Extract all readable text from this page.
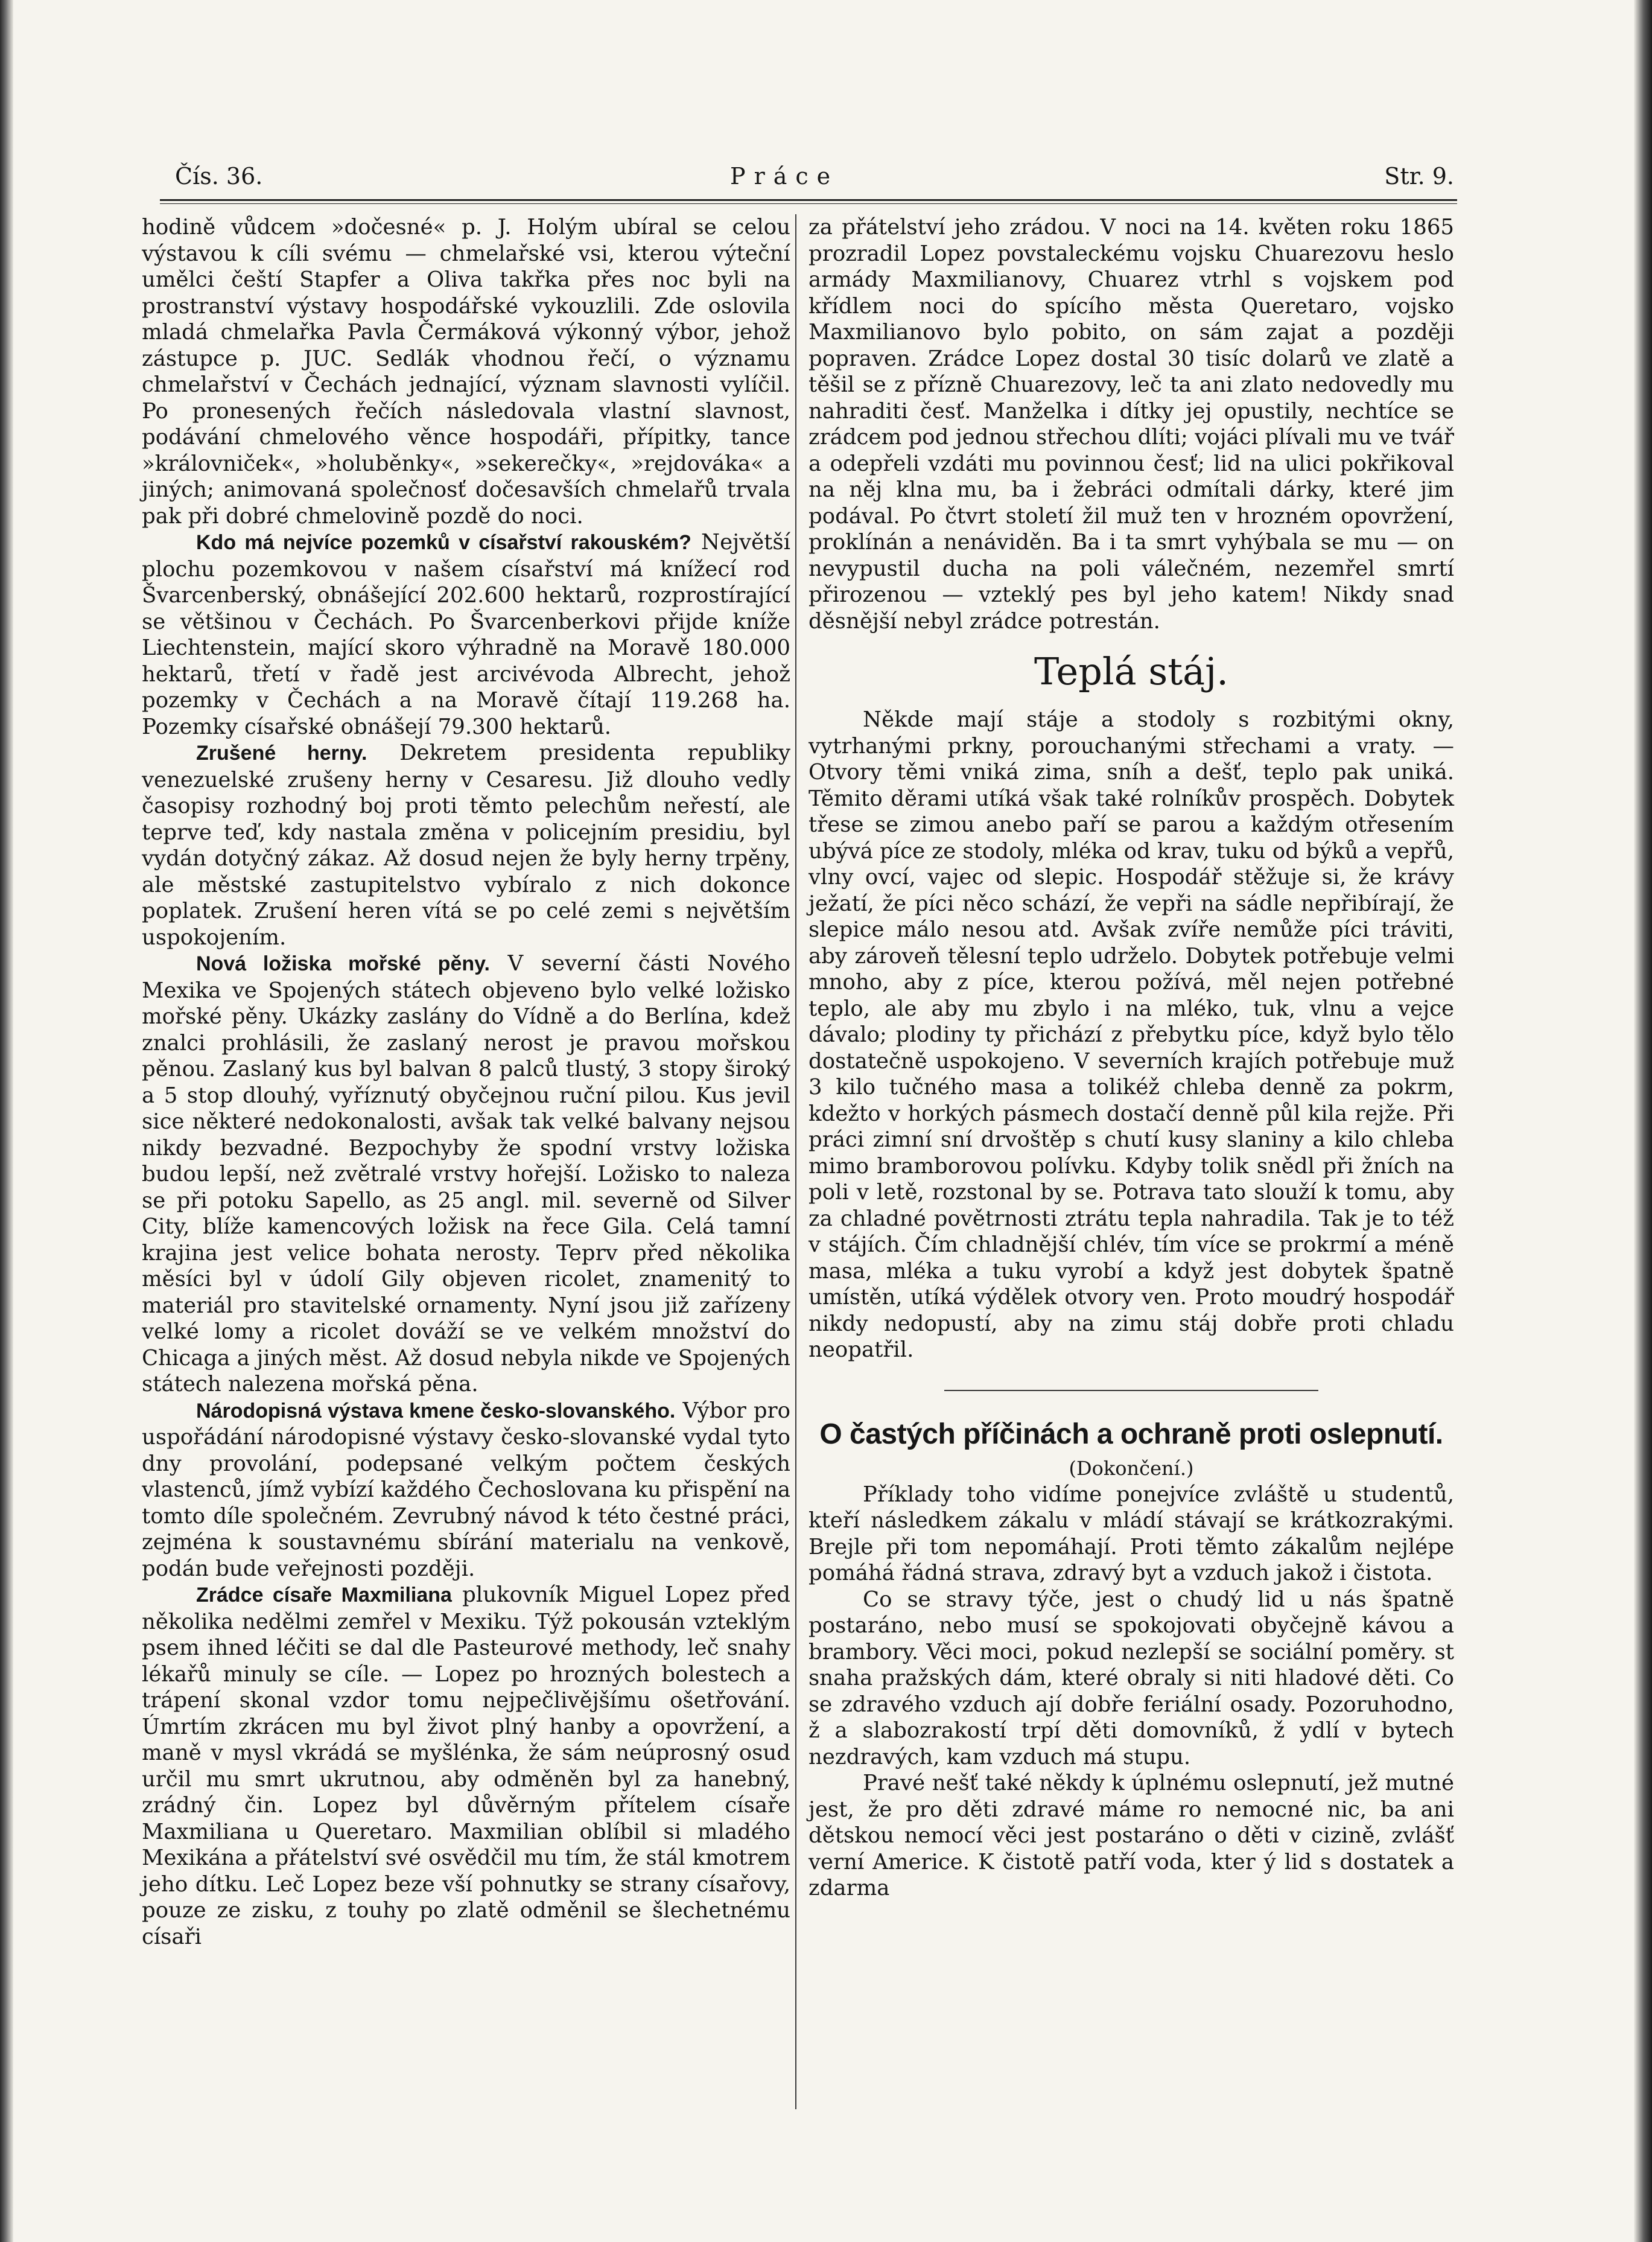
Čís. 36.	Práce	Str. 9.

hodině vůdcem »dočesné« p. J. Holým ubíral se celou výstavou k cíli svému — chmelařské vsi, kterou výteční umělci čeští Stapfer a Oliva takřka přes noc byli na prostranství výstavy hospodářské vykouzlili. Zde oslovila mladá chmelařka Pavla Čermáková výkonný výbor, jehož zástupce p. JUC. Sedlák vhodnou řečí, o významu chmelařství v Čechách jednající, význam slavnosti vylíčil. Po pronesených řečích následovala vlastní slavnost, podávání chmelového věnce hospodáři, přípitky, tance »královniček«, »holuběnky«, »sekerečky«, »rejdováka« a jiných; animovaná společnosť dočesavších chmelařů trvala pak při dobré chmelovině pozdě do noci.

Kdo má nejvíce pozemků v císařství rakouském? Největší plochu pozemkovou v našem císařství má knížecí rod Švarcenberský, obnášející 202.600 hektarů, rozprostírající se většinou v Čechách. Po Švarcenberkovi přijde kníže Liechtenstein, mající skoro výhradně na Moravě 180.000 hektarů, třetí v řadě jest arcivévoda Albrecht, jehož pozemky v Čechách a na Moravě čítají 119.268 ha. Pozemky císařské obnášejí 79.300 hektarů.

Zrušené herny. Dekretem presidenta republiky venezuelské zrušeny herny v Cesaresu. Již dlouho vedly časopisy rozhodný boj proti těmto pelechům neřestí, ale teprve teď, kdy nastala změna v policejním presidiu, byl vydán dotyčný zákaz. Až dosud nejen že byly herny trpěny, ale městské zastupitelstvo vybíralo z nich dokonce poplatek. Zrušení heren vítá se po celé zemi s největším uspokojením.

Nová ložiska mořské pěny. V severní části Nového Mexika ve Spojených státech objeveno bylo velké ložisko mořské pěny. Ukázky zaslány do Vídně a do Berlína, kdež znalci prohlásili, že zaslaný nerost je pravou mořskou pěnou. Zaslaný kus byl balvan 8 palců tlustý, 3 stopy široký a 5 stop dlouhý, vyříznutý obyčejnou ruční pilou. Kus jevil sice některé nedokonalosti, avšak tak velké balvany nejsou nikdy bezvadné. Bezpochyby že spodní vrstvy ložiska budou lepší, než zvětralé vrstvy hořejší. Ložisko to naleza se při potoku Sapello, as 25 angl. mil. severně od Silver City, blíže kamencových ložisk na řece Gila. Celá tamní krajina jest velice bohata nerosty. Teprv před několika měsíci byl v údolí Gily objeven ricolet, znamenitý to materiál pro stavitelské ornamenty. Nyní jsou již zařízeny velké lomy a ricolet dováží se ve velkém množství do Chicaga a jiných měst. Až dosud nebyla nikde ve Spojených státech nalezena mořská pěna.

Národopisná výstava kmene česko-slovanského. Výbor pro uspořádání národopisné výstavy česko-slovanské vydal tyto dny provolání, podepsané velkým počtem českých vlastenců, jímž vybízí každého Čechoslovana ku přispění na tomto díle společném. Zevrubný návod k této čestné práci, zejména k soustavnému sbírání materialu na venkově, podán bude veřejnosti později.

Zrádce císaře Maxmiliana plukovník Miguel Lopez před několika nedělmi zemřel v Mexiku. Týž pokousán vzteklým psem ihned léčiti se dal dle Pasteurové methody, leč snahy lékařů minuly se cíle. — Lopez po hrozných bolestech a trápení skonal vzdor tomu nejpečlivějšímu ošetřování. Úmrtím zkrácen mu byl život plný hanby a opovržení, a maně v mysl vkrádá se myšlénka, že sám neúprosný osud určil mu smrt ukrutnou, aby odměněn byl za hanebný, zrádný čin. Lopez byl důvěrným přítelem císaře Maxmiliana u Queretaro. Maxmilian oblíbil si mladého Mexikána a přátelství své osvědčil mu tím, že stál kmotrem jeho dítku. Leč Lopez beze vší pohnutky se strany císařovy, pouze ze zisku, z touhy po zlatě odměnil se šlechetnému císaři

za přátelství jeho zrádou. V noci na 14. květen roku 1865 prozradil Lopez povstaleckému vojsku Chuarezovu heslo armády Maxmilianovy, Chuarez vtrhl s vojskem pod křídlem noci do spícího města Queretaro, vojsko Maxmilianovo bylo pobito, on sám zajat a později popraven. Zrádce Lopez dostal 30 tisíc dolarů ve zlatě a těšil se z přízně Chuarezovy, leč ta ani zlato nedovedly mu nahraditi česť. Manželka i dítky jej opustily, nechtíce se zrádcem pod jednou střechou dlíti; vojáci plívali mu ve tvář a odepřeli vzdáti mu povinnou česť; lid na ulici pokřikoval na něj klna mu, ba i žebráci odmítali dárky, které jim podával. Po čtvrt století žil muž ten v hrozném opovržení, proklínán a nenáviděn. Ba i ta smrt vyhýbala se mu — on nevypustil ducha na poli válečném, nezemřel smrtí přirozenou — vzteklý pes byl jeho katem! Nikdy snad děsnější nebyl zrádce potrestán.

Teplá stáj.

Někde mají stáje a stodoly s rozbitými okny, vytrhanými prkny, porouchanými střechami a vraty. — Otvory těmi vniká zima, sníh a dešť, teplo pak uniká. Těmito děrami utíká však také rolníkův prospěch. Dobytek třese se zimou anebo paří se parou a každým otřesením ubývá píce ze stodoly, mléka od krav, tuku od býků a vepřů, vlny ovcí, vajec od slepic. Hospodář stěžuje si, že krávy ježatí, že píci něco schází, že vepři na sádle nepřibírají, že slepice málo nesou atd. Avšak zvíře nemůže píci tráviti, aby zároveň tělesní teplo udrželo. Dobytek potřebuje velmi mnoho, aby z píce, kterou požívá, měl nejen potřebné teplo, ale aby mu zbylo i na mléko, tuk, vlnu a vejce dávalo; plodiny ty přichází z přebytku píce, když bylo tělo dostatečně uspokojeno. V severních krajích potřebuje muž 3 kilo tučného masa a tolikéž chleba denně za pokrm, kdežto v horkých pásmech dostačí denně půl kila rejže. Při práci zimní sní drvoštěp s chutí kusy slaniny a kilo chleba mimo bramborovou polívku. Kdyby tolik snědl při žních na poli v letě, rozstonal by se. Potrava tato slouží k tomu, aby za chladné povětrnosti ztrátu tepla nahradila. Tak je to též v stájích. Čím chladnější chlév, tím více se prokrmí a méně masa, mléka a tuku vyrobí a když jest dobytek špatně umístěn, utíká výdělek otvory ven. Proto moudrý hospodář nikdy nedopustí, aby na zimu stáj dobře proti chladu neopatřil.

O častých příčinách a ochraně proti oslepnutí.
(Dokončení.)

Příklady toho vidíme ponejvíce zvláště u studentů, kteří následkem zákalu v mládí stávají se krátkozrakými. Brejle při tom nepomáhají. Proti těmto zákalům nejlépe pomáhá řádná strava, zdravý byt a vzduch jakož i čistota.

Co se stravy týče, jest o chudý lid u nás špatně postaráno, nebo musí se spokojovati obyčejně kávou a brambory. Věci moci, pokud nezlepší se sociální poměry. st snaha pražských dám, které obraly si niti hladové děti. Co se zdravého vzduch ají dobře feriální osady. Pozoruhodno, ž a slabozrakostí trpí děti domovníků, ž ydlí v bytech nezdravých, kam vzduch má stupu.

Pravé nešť také někdy k úplnému oslepnutí, jež mutné jest, že pro děti zdravé máme ro nemocné nic, ba ani dětskou nemocí věci jest postaráno o děti v cizině, zvlášť verní Americe. K čistotě patří voda, kter ý lid s dostatek a zdarma
